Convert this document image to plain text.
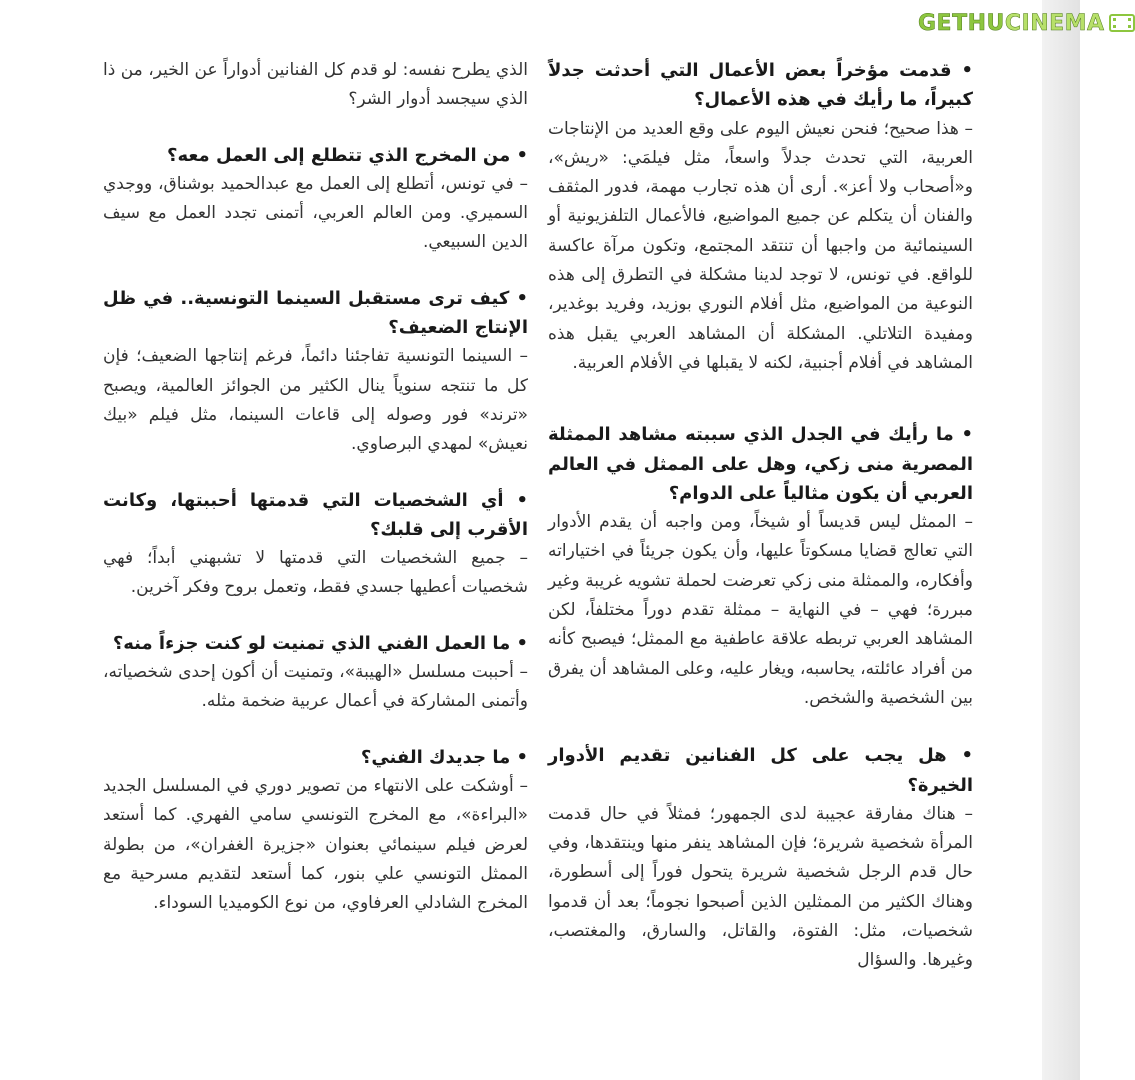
GETHUCINEMA

• قدمت مؤخراً بعض الأعمال التي أحدثت جدلاً كبيراً، ما رأيك في هذه الأعمال؟

– هذا صحيح؛ فنحن نعيش اليوم على وقع العديد من الإنتاجات العربية، التي تحدث جدلاً واسعاً، مثل فيلمَي: «ريش»، و«أصحاب ولا أعز». أرى أن هذه تجارب مهمة، فدور المثقف والفنان أن يتكلم عن جميع المواضيع، فالأعمال التلفزيونية أو السينمائية من واجبها أن تنتقد المجتمع، وتكون مرآة عاكسة للواقع. في تونس، لا توجد لدينا مشكلة في التطرق إلى هذه النوعية من المواضيع، مثل أفلام النوري بوزيد، وفريد بوغدير، ومفيدة التلاتلي. المشكلة أن المشاهد العربي يقبل هذه المشاهد في أفلام أجنبية، لكنه لا يقبلها في الأفلام العربية.

• ما رأيك في الجدل الذي سببته مشاهد الممثلة المصرية منى زكي، وهل على الممثل في العالم العربي أن يكون مثالياً على الدوام؟

– الممثل ليس قديساً أو شيخاً، ومن واجبه أن يقدم الأدوار التي تعالج قضايا مسكوتاً عليها، وأن يكون جريئاً في اختياراته وأفكاره، والممثلة منى زكي تعرضت لحملة تشويه غريبة وغير مبررة؛ فهي – في النهاية – ممثلة تقدم دوراً مختلفاً، لكن المشاهد العربي تربطه علاقة عاطفية مع الممثل؛ فيصبح كأنه من أفراد عائلته، يحاسبه، ويغار عليه، وعلى المشاهد أن يفرق بين الشخصية والشخص.

• هل يجب على كل الفنانين تقديم الأدوار الخيرة؟

– هناك مفارقة عجيبة لدى الجمهور؛ فمثلاً في حال قدمت المرأة شخصية شريرة؛ فإن المشاهد ينفر منها وينتقدها، وفي حال قدم الرجل شخصية شريرة يتحول فوراً إلى أسطورة، وهناك الكثير من الممثلين الذين أصبحوا نجوماً؛ بعد أن قدموا شخصيات، مثل: الفتوة، والقاتل، والسارق، والمغتصب، وغيرها. والسؤال

الذي يطرح نفسه: لو قدم كل الفنانين أدواراً عن الخير، من ذا الذي سيجسد أدوار الشر؟

• من المخرج الذي تتطلع إلى العمل معه؟

– في تونس، أتطلع إلى العمل مع عبدالحميد بوشناق، ووجدي السميري. ومن العالم العربي، أتمنى تجدد العمل مع سيف الدين السبيعي.

• كيف ترى مستقبل السينما التونسية.. في ظل الإنتاج الضعيف؟

– السينما التونسية تفاجئنا دائماً، فرغم إنتاجها الضعيف؛ فإن كل ما تنتجه سنوياً ينال الكثير من الجوائز العالمية، ويصبح «ترند» فور وصوله إلى قاعات السينما، مثل فيلم «بيك نعيش» لمهدي البرصاوي.

• أي الشخصيات التي قدمتها أحببتها، وكانت الأقرب إلى قلبك؟

– جميع الشخصيات التي قدمتها لا تشبهني أبداً؛ فهي شخصيات أعطيها جسدي فقط، وتعمل بروح وفكر آخرين.

• ما العمل الفني الذي تمنيت لو كنت جزءاً منه؟

– أحببت مسلسل «الهيبة»، وتمنيت أن أكون إحدى شخصياته، وأتمنى المشاركة في أعمال عربية ضخمة مثله.

• ما جديدك الفني؟

– أوشكت على الانتهاء من تصوير دوري في المسلسل الجديد «البراءة»، مع المخرج التونسي سامي الفهري. كما أستعد لعرض فيلم سينمائي بعنوان «جزيرة الغفران»، من بطولة الممثل التونسي علي بنور، كما أستعد لتقديم مسرحية مع المخرج الشادلي العرفاوي، من نوع الكوميديا السوداء.
